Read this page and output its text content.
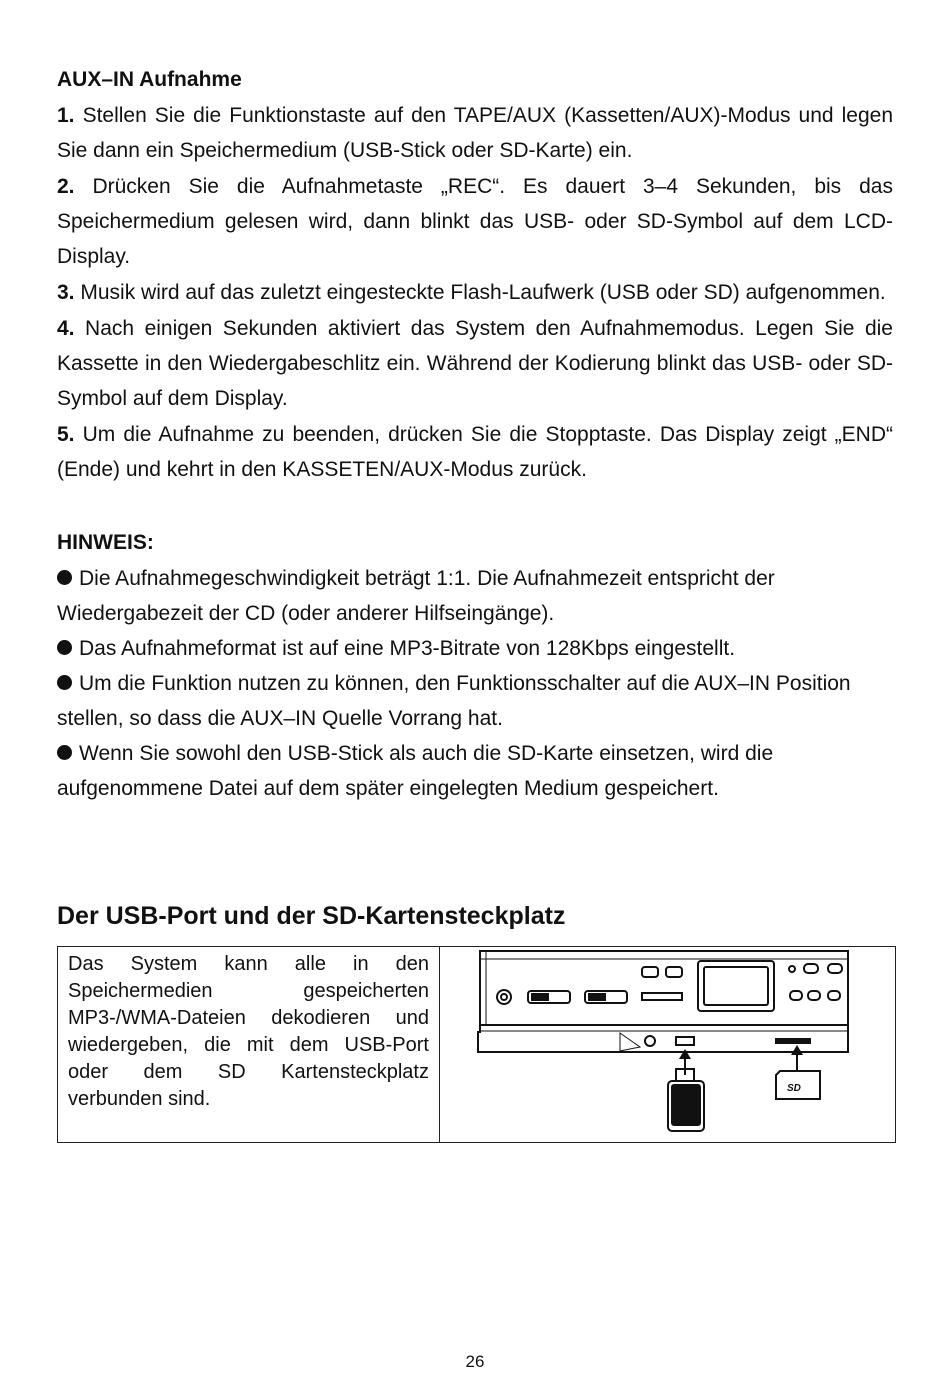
AUX–IN Aufnahme

1. Stellen Sie die Funktionstaste auf den TAPE/AUX (Kassetten/AUX)-Modus und legen Sie dann ein Speichermedium (USB-Stick oder SD-Karte) ein.

2. Drücken Sie die Aufnahmetaste „REC“. Es dauert 3–4 Sekunden, bis das Speichermedium gelesen wird, dann blinkt das USB- oder SD-Symbol auf dem LCD-Display.

3. Musik wird auf das zuletzt eingesteckte Flash-Laufwerk (USB oder SD) aufgenommen.

4. Nach einigen Sekunden aktiviert das System den Aufnahmemodus. Legen Sie die Kassette in den Wiedergabeschlitz ein. Während der Kodierung blinkt das USB- oder SD-Symbol auf dem Display.

5. Um die Aufnahme zu beenden, drücken Sie die Stopptaste. Das Display zeigt „END“ (Ende) und kehrt in den KASSETEN/AUX-Modus zurück.

HINWEIS:

Die Aufnahmegeschwindigkeit beträgt 1:1. Die Aufnahmezeit entspricht der Wiedergabezeit der CD (oder anderer Hilfseingänge).

Das Aufnahmeformat ist auf eine MP3-Bitrate von 128Kbps eingestellt.

Um die Funktion nutzen zu können, den Funktionsschalter auf die AUX–IN Position stellen, so dass die AUX–IN Quelle Vorrang hat.

Wenn Sie sowohl den USB-Stick als auch die SD-Karte einsetzen, wird die aufgenommene Datei auf dem später eingelegten Medium gespeichert.

Der USB-Port und der SD-Kartensteckplatz

Das System kann alle in den Speichermedien gespeicherten MP3-/WMA-Dateien dekodieren und wiedergeben, die mit dem USB-Port oder dem SD Kartensteckplatz verbunden sind.	SD
26
